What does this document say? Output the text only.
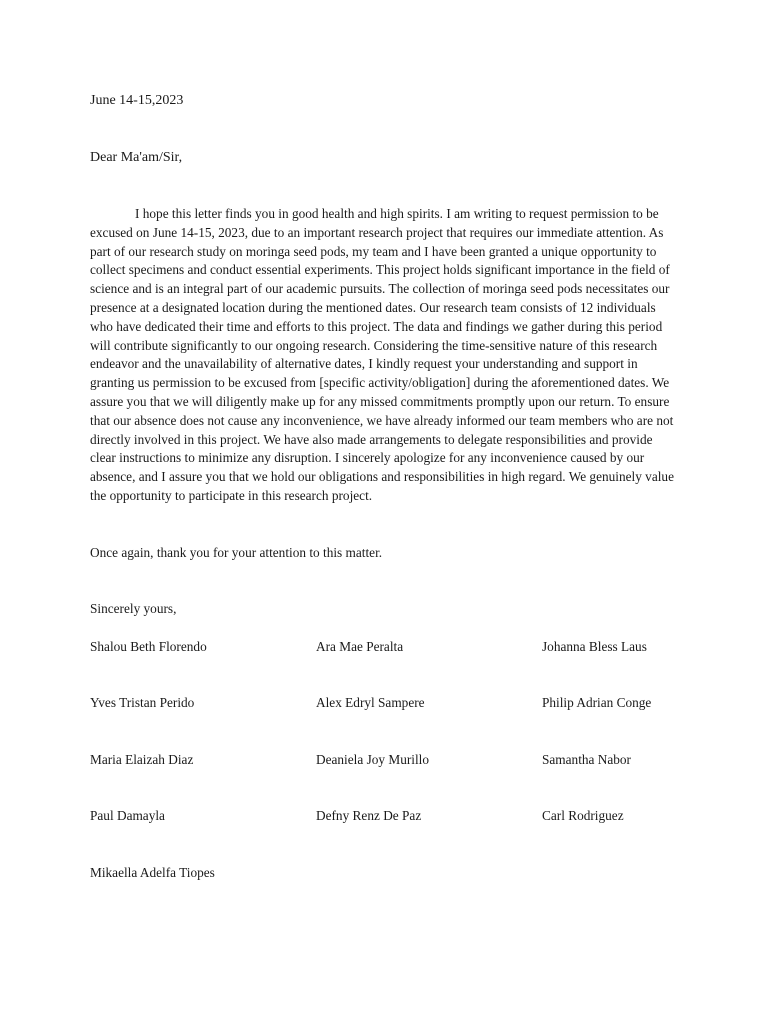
June 14-15,2023
Dear Ma'am/Sir,

I hope this letter finds you in good health and high spirits. I am writing to request permission to be excused on June 14-15, 2023, due to an important research project that requires our immediate attention. As part of our research study on moringa seed pods, my team and I have been granted a unique opportunity to collect specimens and conduct essential experiments. This project holds significant importance in the field of science and is an integral part of our academic pursuits. The collection of moringa seed pods necessitates our presence at a designated location during the mentioned dates. Our research team consists of 12 individuals who have dedicated their time and efforts to this project. The data and findings we gather during this period will contribute significantly to our ongoing research. Considering the time-sensitive nature of this research endeavor and the unavailability of alternative dates, I kindly request your understanding and support in granting us permission to be excused from [specific activity/obligation] during the aforementioned dates. We assure you that we will diligently make up for any missed commitments promptly upon our return. To ensure that our absence does not cause any inconvenience, we have already informed our team members who are not directly involved in this project. We have also made arrangements to delegate responsibilities and provide clear instructions to minimize any disruption. I sincerely apologize for any inconvenience caused by our absence, and I assure you that we hold our obligations and responsibilities in high regard. We genuinely value the opportunity to participate in this research project.

Once again, thank you for your attention to this matter.
Sincerely yours,
Shalou Beth Florendo	Ara Mae Peralta	Johanna Bless Laus
Yves Tristan Perido	Alex Edryl Sampere	Philip Adrian Conge
Maria Elaizah Diaz	Deaniela Joy Murillo	Samantha Nabor
Paul Damayla	Defny Renz De Paz	Carl Rodriguez
Mikaella Adelfa Tiopes
